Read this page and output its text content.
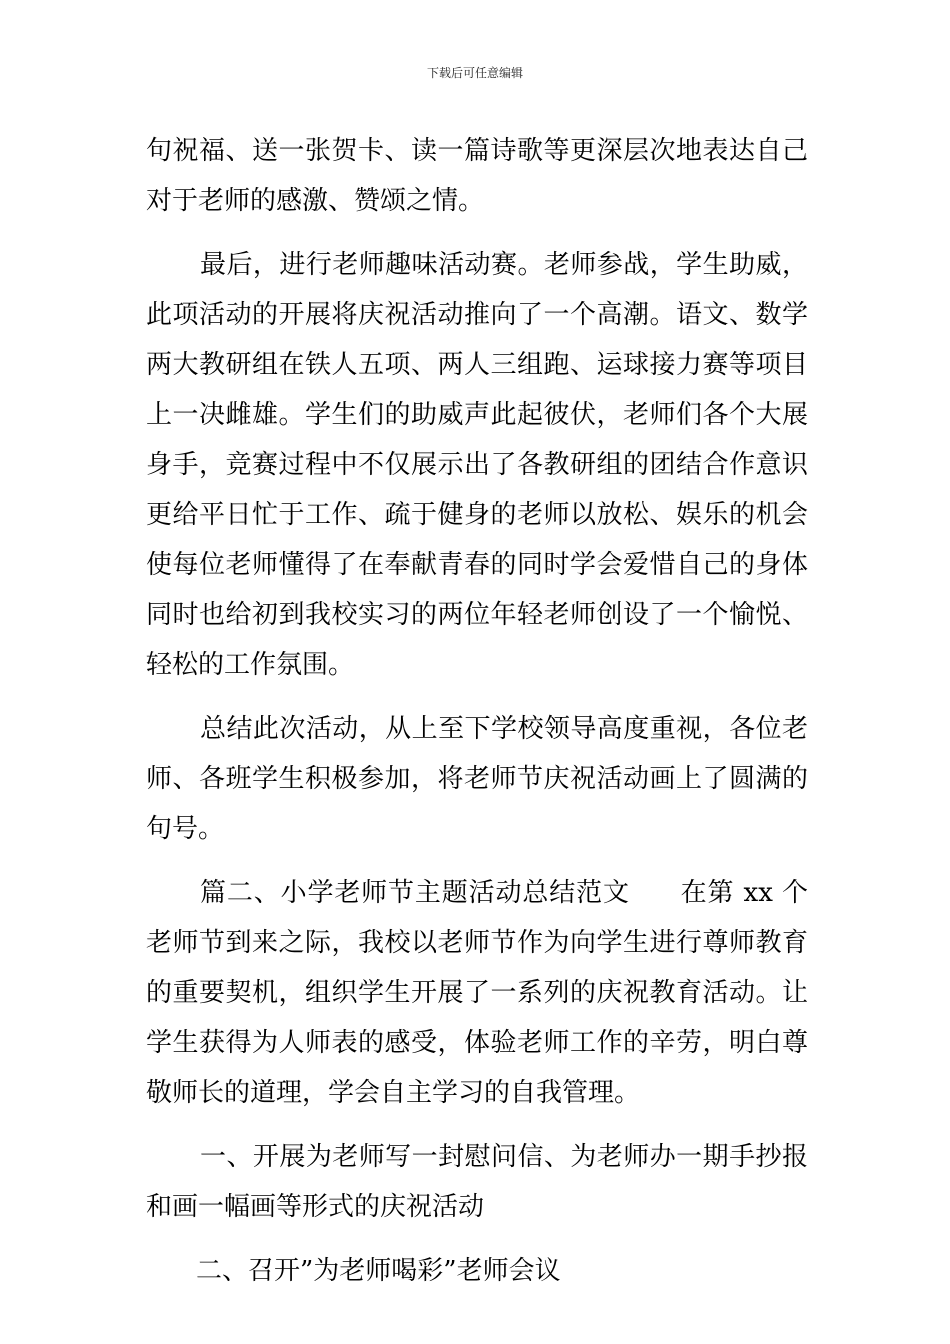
下载后可任意编辑

句祝福、送一张贺卡、读一篇诗歌等更深层次地表达自己对于老师的感激、赞颂之情。

最后，进行老师趣味活动赛。老师参战，学生助威，此项活动的开展将庆祝活动推向了一个高潮。语文、数学两大教研组在铁人五项、两人三组跑、运球接力赛等项目上一决雌雄。学生们的助威声此起彼伏，老师们各个大展身手，竞赛过程中不仅展示出了各教研组的团结合作意识更给平日忙于工作、疏于健身的老师以放松、娱乐的机会使每位老师懂得了在奉献青春的同时学会爱惜自己的身体同时也给初到我校实习的两位年轻老师创设了一个愉悦、轻松的工作氛围。

总结此次活动，从上至下学校领导高度重视，各位老师、各班学生积极参加，将老师节庆祝活动画上了圆满的句号。

篇二、小学老师节主题活动总结范文 在第 xx 个老师节到来之际，我校以老师节作为向学生进行尊师教育的重要契机，组织学生开展了一系列的庆祝教育活动。让学生获得为人师表的感受，体验老师工作的辛劳，明白尊敬师长的道理，学会自主学习的自我管理。

一、开展为老师写一封慰问信、为老师办一期手抄报和画一幅画等形式的庆祝活动

二、召开”为老师喝彩”老师会议
